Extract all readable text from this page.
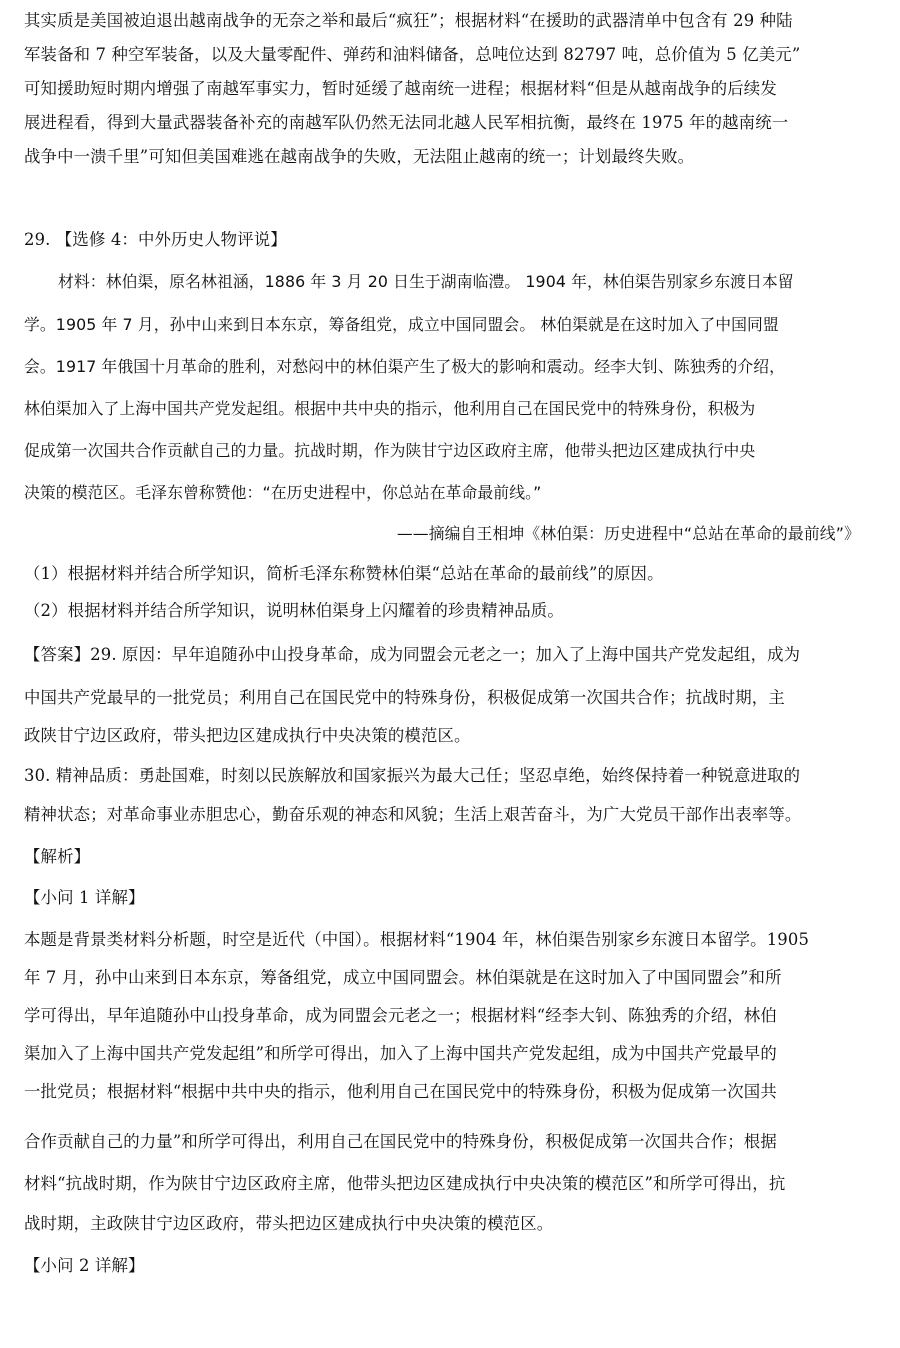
其实质是美国被迫退出越南战争的无奈之举和最后“疯狂”；根据材料“在援助的武器清单中包含有 29 种陆
军装备和 7 种空军装备，以及大量零配件、弹药和油料储备，总吨位达到 82797 吨，总价值为 5 亿美元”
可知援助短时期内增强了南越军事实力，暂时延缓了越南统一进程；根据材料“但是从越南战争的后续发
展进程看，得到大量武器装备补充的南越军队仍然无法同北越人民军相抗衡，最终在 1975 年的越南统一
战争中一溃千里”可知但美国难逃在越南战争的失败，无法阻止越南的统一；计划最终失败。
29. 【选修 4：中外历史人物评说】
材料：林伯渠，原名林祖涵，1886 年 3 月 20 日生于湖南临澧。 1904 年，林伯渠告别家乡东渡日本留
学。1905 年 7 月，孙中山来到日本东京，筹备组党，成立中国同盟会。 林伯渠就是在这时加入了中国同盟
会。1917 年俄国十月革命的胜利，对愁闷中的林伯渠产生了极大的影响和震动。经李大钊、陈独秀的介绍，
林伯渠加入了上海中国共产党发起组。根据中共中央的指示，他利用自己在国民党中的特殊身份，积极为
促成第一次国共合作贡献自己的力量。抗战时期，作为陕甘宁边区政府主席，他带头把边区建成执行中央
决策的模范区。毛泽东曾称赞他：“在历史进程中，你总站在革命最前线。”
——摘编自王相坤《林伯渠：历史进程中“总站在革命的最前线”》
（1）根据材料并结合所学知识，简析毛泽东称赞林伯渠“总站在革命的最前线”的原因。
（2）根据材料并结合所学知识，说明林伯渠身上闪耀着的珍贵精神品质。
【答案】29. 原因：早年追随孙中山投身革命，成为同盟会元老之一；加入了上海中国共产党发起组，成为
中国共产党最早的一批党员；利用自己在国民党中的特殊身份，积极促成第一次国共合作；抗战时期，主
政陕甘宁边区政府，带头把边区建成执行中央决策的模范区。
30. 精神品质：勇赴国难，时刻以民族解放和国家振兴为最大己任；坚忍卓绝，始终保持着一种锐意进取的
精神状态；对革命事业赤胆忠心，勤奋乐观的神态和风貌；生活上艰苦奋斗，为广大党员干部作出表率等。
【解析】
【小问 1 详解】
本题是背景类材料分析题，时空是近代（中国）。根据材料“1904 年，林伯渠告别家乡东渡日本留学。1905
年 7 月，孙中山来到日本东京，筹备组党，成立中国同盟会。林伯渠就是在这时加入了中国同盟会”和所
学可得出，早年追随孙中山投身革命，成为同盟会元老之一；根据材料“经李大钊、陈独秀的介绍，林伯
渠加入了上海中国共产党发起组”和所学可得出，加入了上海中国共产党发起组，成为中国共产党最早的
一批党员；根据材料“根据中共中央的指示，他利用自己在国民党中的特殊身份，积极为促成第一次国共
合作贡献自己的力量”和所学可得出，利用自己在国民党中的特殊身份，积极促成第一次国共合作；根据
材料“抗战时期，作为陕甘宁边区政府主席，他带头把边区建成执行中央决策的模范区”和所学可得出，抗
战时期，主政陕甘宁边区政府，带头把边区建成执行中央决策的模范区。
【小问 2 详解】
